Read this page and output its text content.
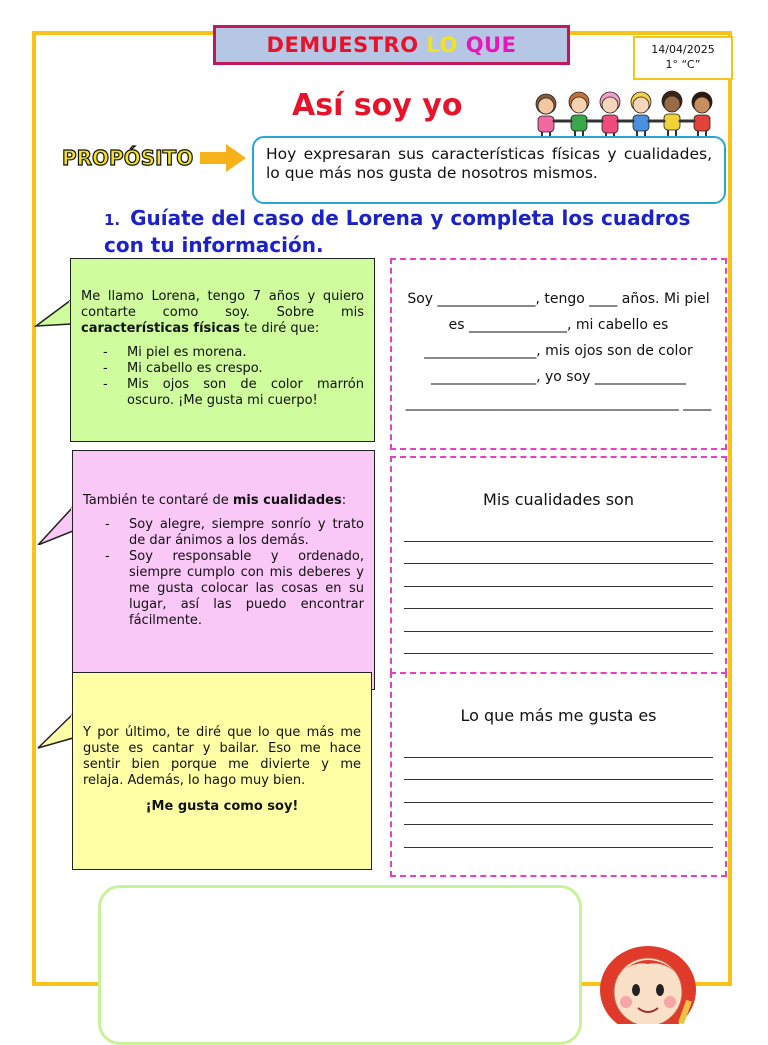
DEMUESTRO LO QUE	14/04/2025
1° “C”
Así soy yo
PROPÓSITO	Hoy expresaran sus características físicas y cualidades, lo que más nos gusta de nosotros mismos.
1. Guíate del caso de Lorena y completa los cuadros con tu información.
Me llamo Lorena, tengo 7 años y quiero contarte como soy. Sobre mis características físicas te diré que:
- Mi piel es morena.
- Mi cabello es crespo.
- Mis ojos son de color marrón oscuro. ¡Me gusta mi cuerpo!
También te contaré de mis cualidades:
- Soy alegre, siempre sonrío y trato de dar ánimos a los demás.
- Soy responsable y ordenado, siempre cumplo con mis deberes y me gusta colocar las cosas en su lugar, así las puedo encontrar fácilmente.
Y por último, te diré que lo que más me guste es cantar y bailar. Eso me hace sentir bien porque me divierte y me relaja. Además, lo hago muy bien.
¡Me gusta como soy!
Soy ______________, tengo ____ años. Mi piel es ______________, mi cabello es ________________, mis ojos son de color _______________, yo soy _____________ _______________________________________ ____
Mis cualidades son
Lo que más me gusta es
